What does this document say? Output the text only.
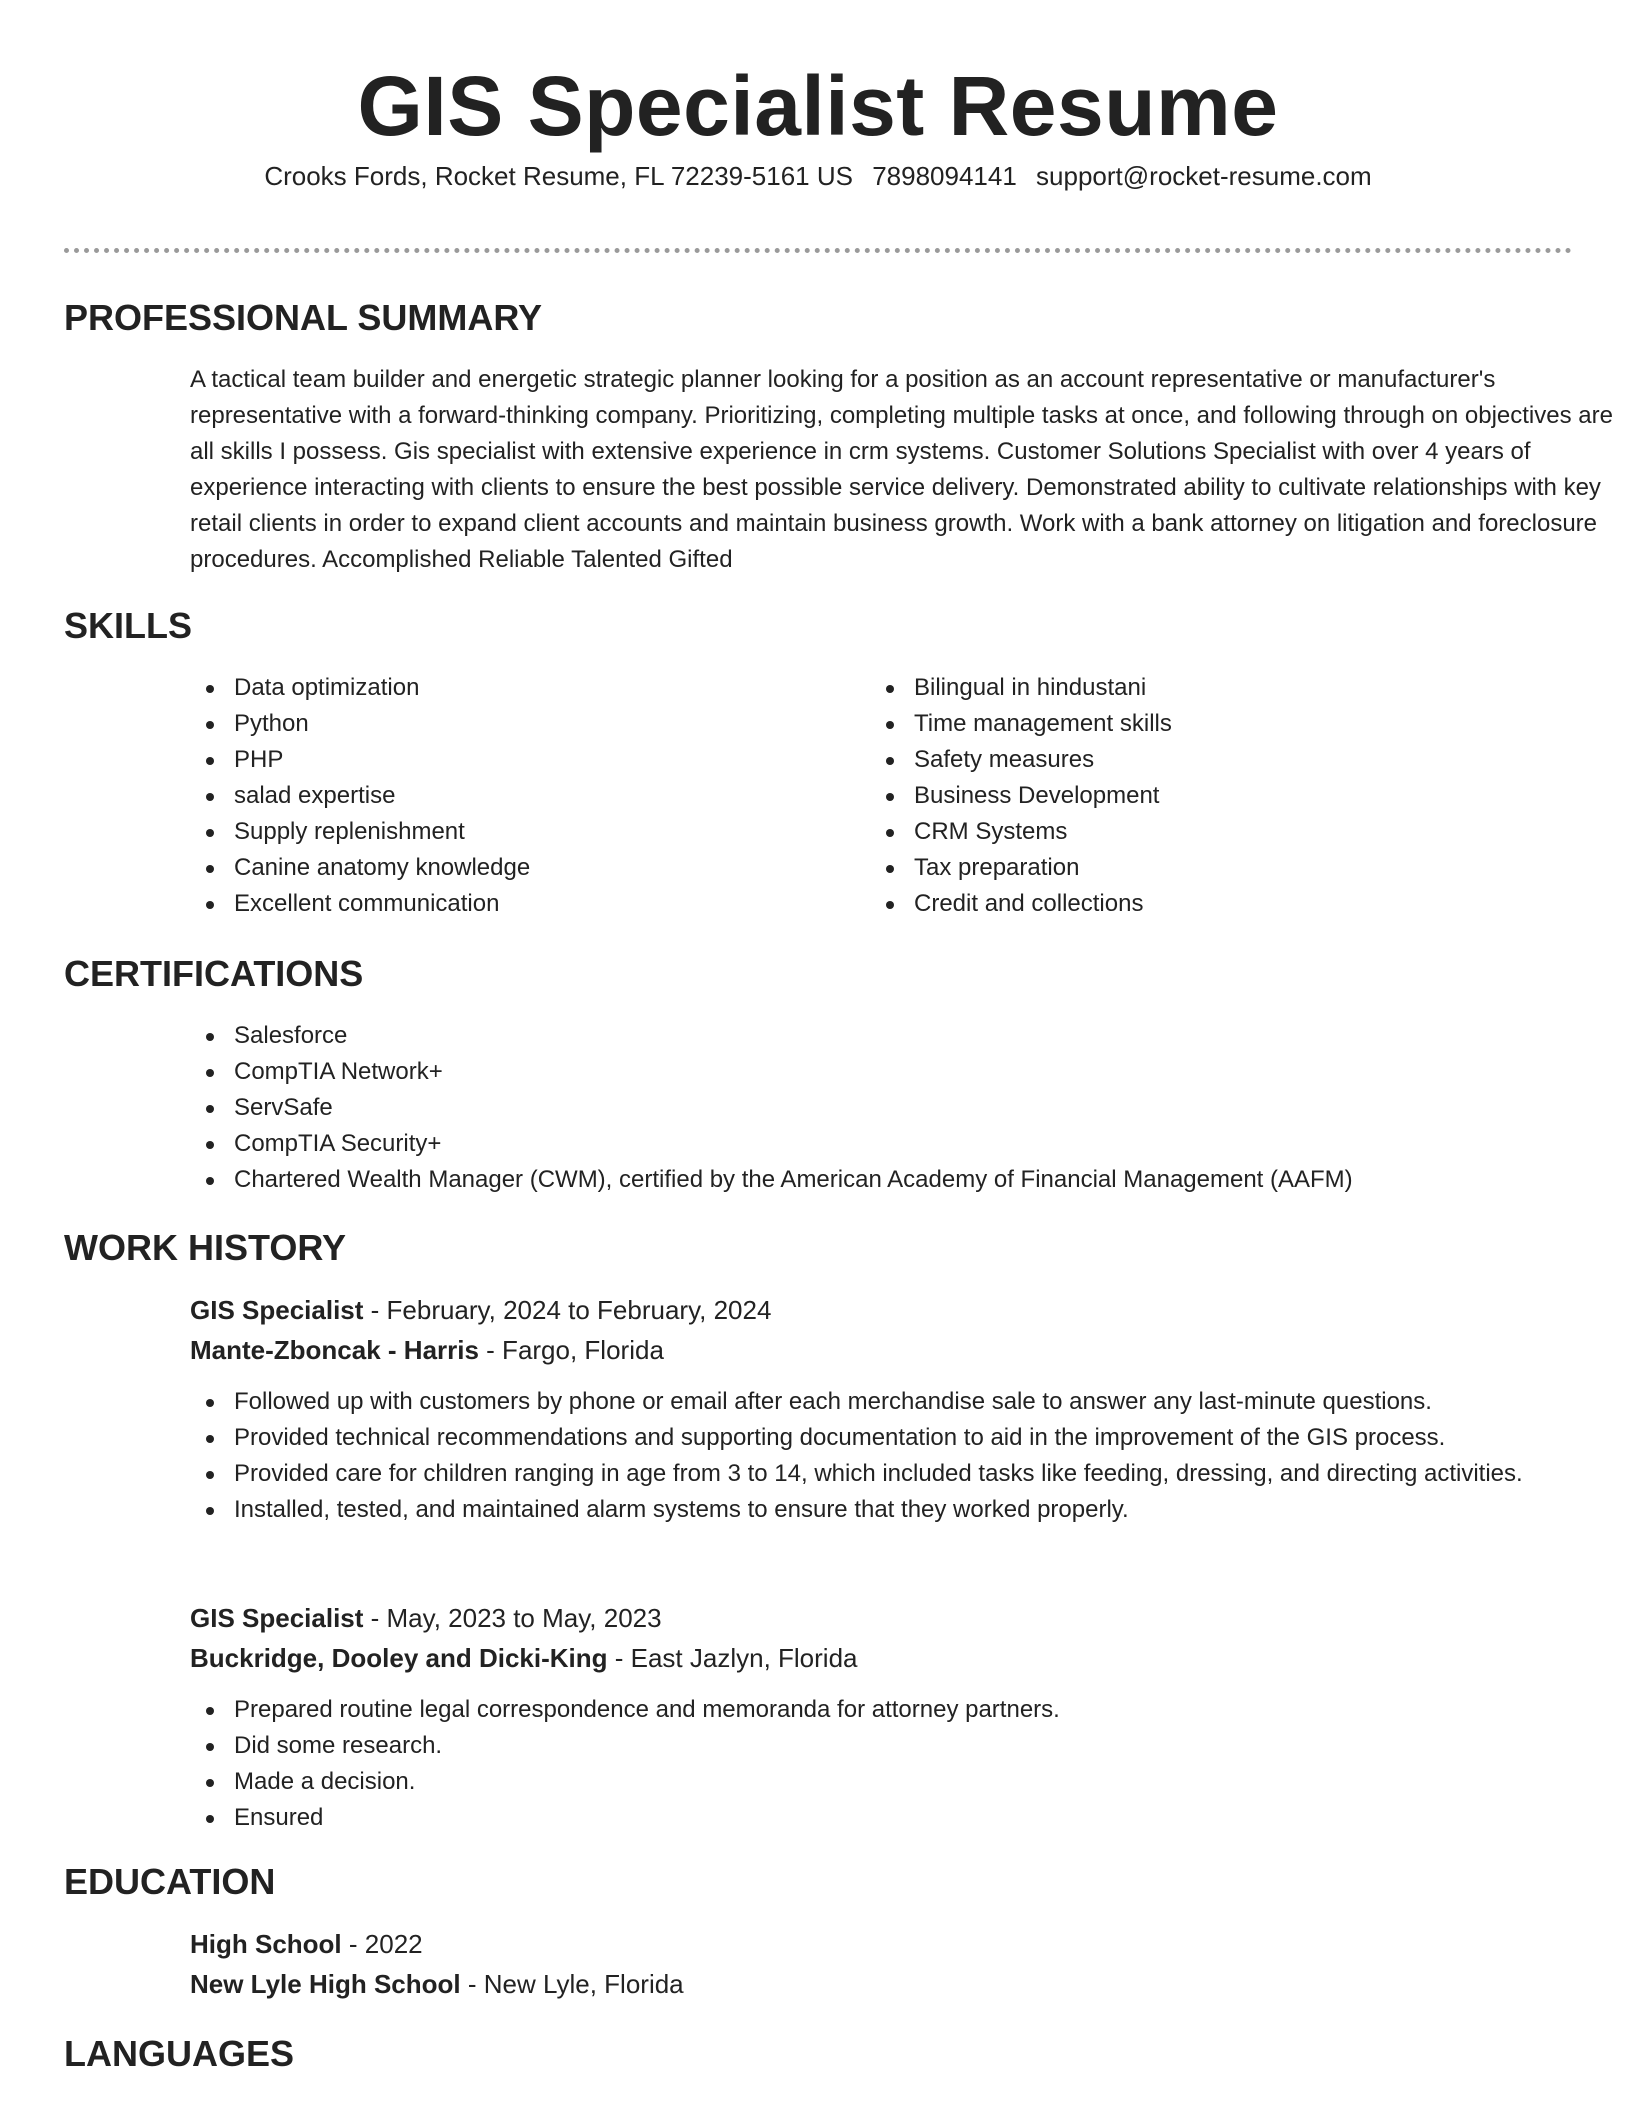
GIS Specialist Resume
Crooks Fords, Rocket Resume, FL 72239-5161 US 7898094141 support@rocket-resume.com
PROFESSIONAL SUMMARY

A tactical team builder and energetic strategic planner looking for a position as an account representative or manufacturer's representative with a forward-thinking company. Prioritizing, completing multiple tasks at once, and following through on objectives are all skills I possess. Gis specialist with extensive experience in crm systems. Customer Solutions Specialist with over 4 years of experience interacting with clients to ensure the best possible service delivery. Demonstrated ability to cultivate relationships with key retail clients in order to expand client accounts and maintain business growth. Work with a bank attorney on litigation and foreclosure procedures. Accomplished Reliable Talented Gifted

SKILLS
Data optimization
Python
PHP
salad expertise
Supply replenishment
Canine anatomy knowledge
Excellent communication
Bilingual in hindustani
Time management skills
Safety measures
Business Development
CRM Systems
Tax preparation
Credit and collections
CERTIFICATIONS
Salesforce
CompTIA Network+
ServSafe
CompTIA Security+
Chartered Wealth Manager (CWM), certified by the American Academy of Financial Management (AAFM)
WORK HISTORY
GIS Specialist - February, 2024 to February, 2024
Mante-Zboncak - Harris - Fargo, Florida
Followed up with customers by phone or email after each merchandise sale to answer any last-minute questions.
Provided technical recommendations and supporting documentation to aid in the improvement of the GIS process.
Provided care for children ranging in age from 3 to 14, which included tasks like feeding, dressing, and directing activities.
Installed, tested, and maintained alarm systems to ensure that they worked properly.
GIS Specialist - May, 2023 to May, 2023
Buckridge, Dooley and Dicki-King - East Jazlyn, Florida
Prepared routine legal correspondence and memoranda for attorney partners.
Did some research.
Made a decision.
Ensured
EDUCATION
High School - 2022
New Lyle High School - New Lyle, Florida
LANGUAGES
